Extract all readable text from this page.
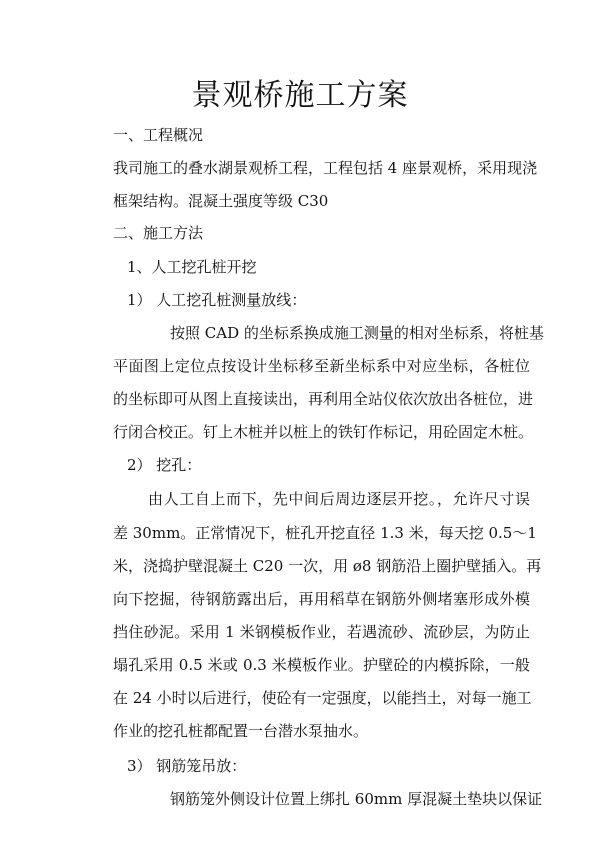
景观桥施工方案
一、工程概况
我司施工的叠水湖景观桥工程，工程包括 4 座景观桥，采用现浇
框架结构。混凝土强度等级 C30
二、施工方法
1、人工挖孔桩开挖
1） 人工挖孔桩测量放线：
按照 CAD 的坐标系换成施工测量的相对坐标系，将桩基
平面图上定位点按设计坐标移至新坐标系中对应坐标，各桩位
的坐标即可从图上直接读出，再利用全站仪依次放出各桩位，进
行闭合校正。钉上木桩并以桩上的铁钉作标记，用砼固定木桩。
2） 挖孔：
由人工自上而下，先中间后周边逐层开挖。，允许尺寸误
差 30mm。正常情况下，桩孔开挖直径 1.3 米，每天挖 0.5～1
米，浇捣护壁混凝土 C20 一次，用 ø8 钢筋沿上圈护壁插入。再
向下挖掘，待钢筋露出后，再用稻草在钢筋外侧堵塞形成外模
挡住砂泥。采用 1 米钢模板作业，若遇流砂、流砂层，为防止
塌孔采用 0.5 米或 0.3 米模板作业。护壁砼的内模拆除，一般
在 24 小时以后进行，使砼有一定强度，以能挡土，对每一施工
作业的挖孔桩都配置一台潜水泵抽水。
3） 钢筋笼吊放：
钢筋笼外侧设计位置上绑扎 60mm 厚混凝土垫块以保证
